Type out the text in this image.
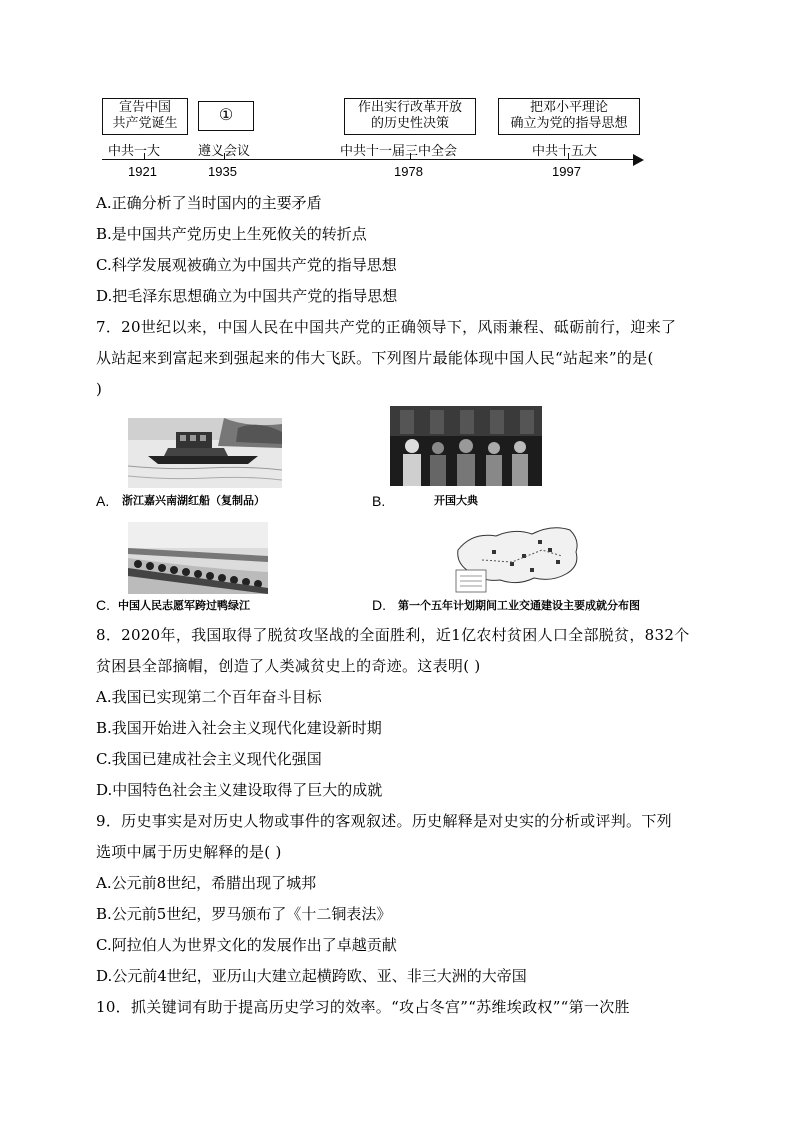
宣告中国
共产党诞生	①	作出实行改革开放
的历史性决策
把邓小平理论
确立为党的指导思想
中共一大	遵义会议	中共十一届三中全会	中共十五大
1921	1935	1978	1997
A.正确分析了当时国内的主要矛盾
B.是中国共产党历史上生死攸关的转折点
C.科学发展观被确立为中国共产党的指导思想
D.把毛泽东思想确立为中国共产党的指导思想
7．20世纪以来，中国人民在中国共产党的正确领导下，风雨兼程、砥砺前行，迎来了
从站起来到富起来到强起来的伟大飞跃。下列图片最能体现中国人民“站起来”的是(
)
A. 浙江嘉兴南湖红船（复制品）	B.	开国大典
C. 中国人民志愿军跨过鸭绿江	D. 第一个五年计划期间工业交通建设主要成就分布图
8．2020年，我国取得了脱贫攻坚战的全面胜利，近1亿农村贫困人口全部脱贫，832个
贫困县全部摘帽，创造了人类减贫史上的奇迹。这表明( )
A.我国已实现第二个百年奋斗目标
B.我国开始进入社会主义现代化建设新时期
C.我国已建成社会主义现代化强国
D.中国特色社会主义建设取得了巨大的成就
9．历史事实是对历史人物或事件的客观叙述。历史解释是对史实的分析或评判。下列
选项中属于历史解释的是( )
A.公元前8世纪，希腊出现了城邦
B.公元前5世纪，罗马颁布了《十二铜表法》
C.阿拉伯人为世界文化的发展作出了卓越贡献
D.公元前4世纪，亚历山大建立起横跨欧、亚、非三大洲的大帝国
10．抓关键词有助于提高历史学习的效率。“攻占冬宫”“苏维埃政权”“第一次胜
